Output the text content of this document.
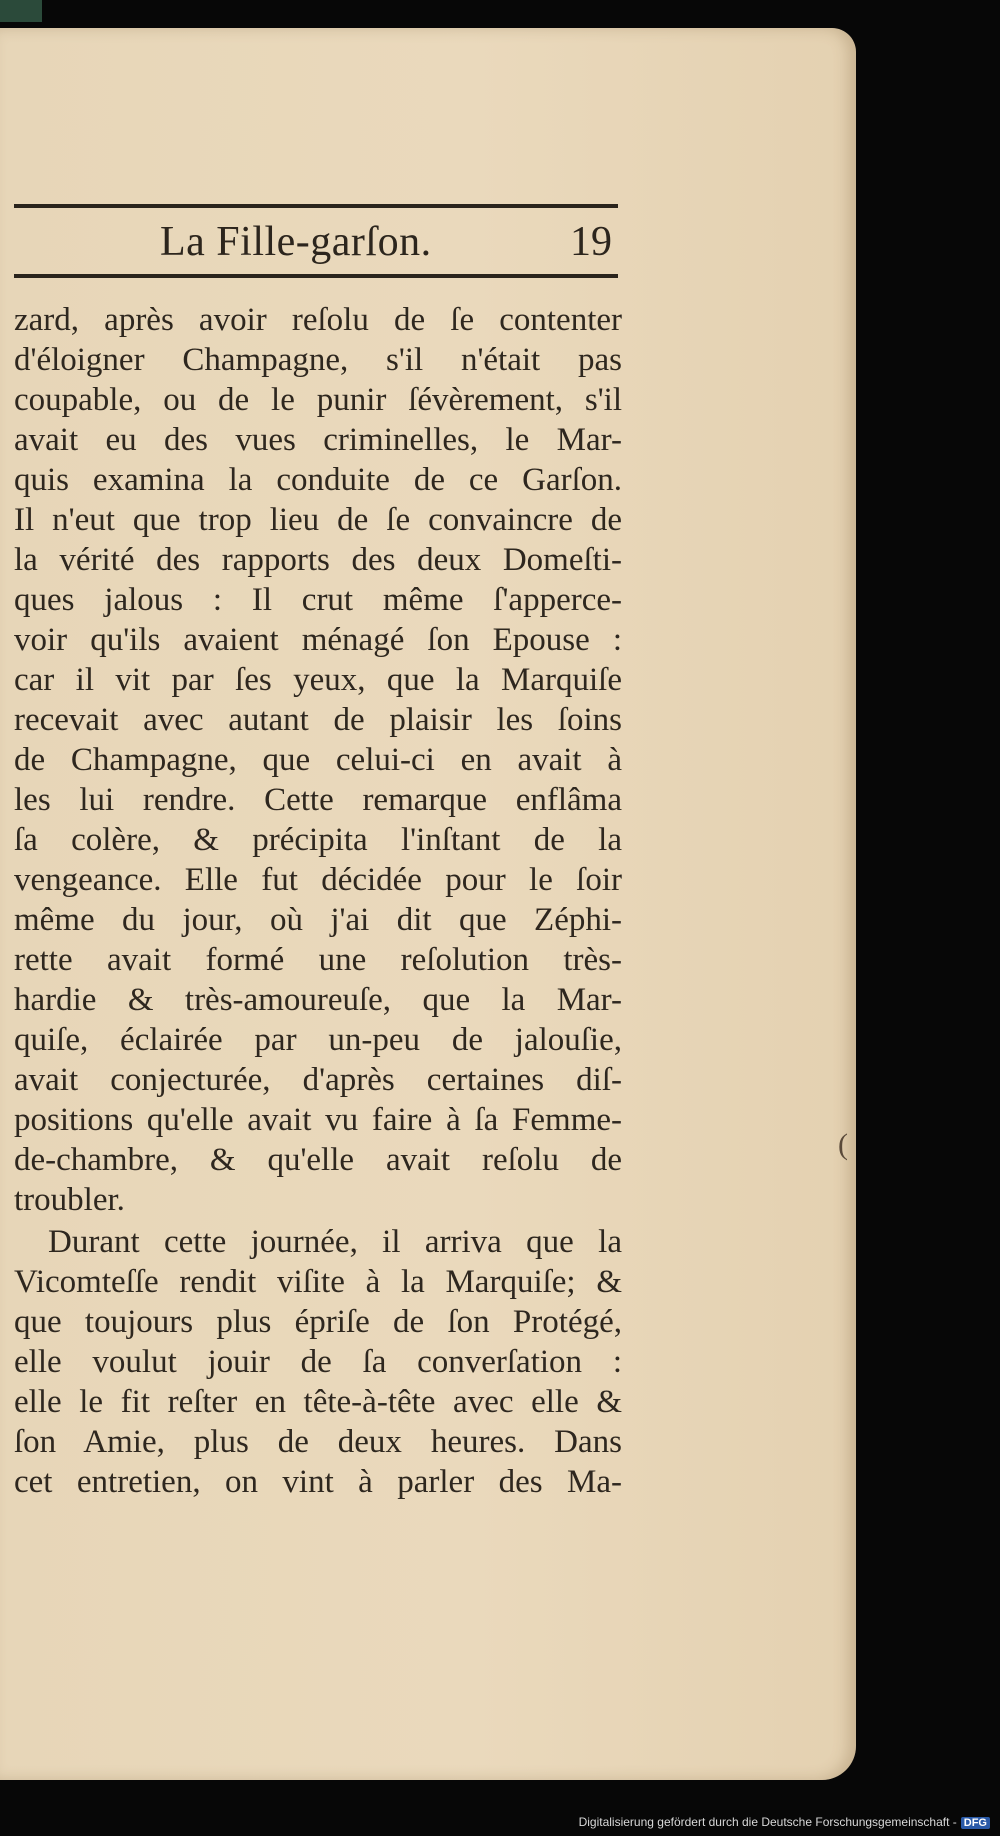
La Fille-garſon.	19
zard, après avoir reſolu de ſe contenter
d'éloigner Champagne, s'il n'était pas
coupable, ou de le punir ſévèrement, s'il
avait eu des vues criminelles, le Mar-
quis examina la conduite de ce Garſon.
Il n'eut que trop lieu de ſe convaincre de
la vérité des rapports des deux Domeſti-
ques jalous : Il crut même ſ'apperce-
voir qu'ils avaient ménagé ſon Epouse :
car il vit par ſes yeux, que la Marquiſe
recevait avec autant de plaisir les ſoins
de Champagne, que celui-ci en avait à
les lui rendre. Cette remarque enflâma
ſa colère, & précipita l'inſtant de la
vengeance. Elle fut décidée pour le ſoir
même du jour, où j'ai dit que Zéphi-
rette avait formé une reſolution très-
hardie & très-amoureuſe, que la Mar-
quiſe, éclairée par un-peu de jalouſie,
avait conjecturée, d'après certaines diſ-
positions qu'elle avait vu faire à ſa Femme-
de-chambre, & qu'elle avait reſolu de
troubler.
Durant cette journée, il arriva que la
Vicomteſſe rendit viſite à la Marquiſe; &
que toujours plus épriſe de ſon Protégé,
elle voulut jouir de ſa converſation :
elle le fit reſter en tête-à-tête avec elle &
ſon Amie, plus de deux heures. Dans
cet entretien, on vint à parler des Ma-
(
Digitalisierung gefördert durch die Deutsche Forschungsgemeinschaft - DFG
